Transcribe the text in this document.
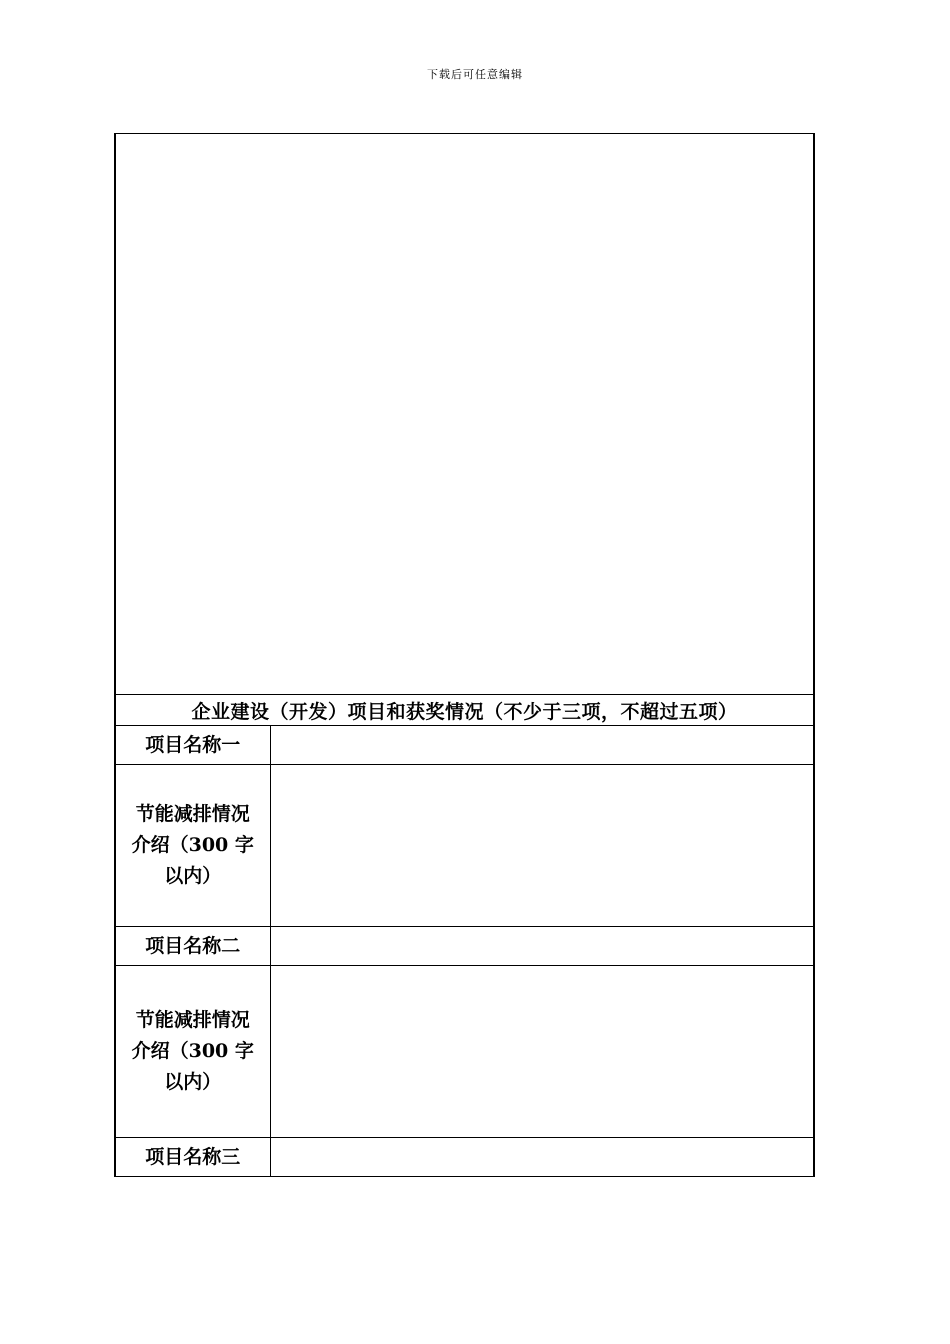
下载后可任意编辑

企业建设（开发）项目和获奖情况（不少于三项，不超过五项）	
项目名称一	

节能减排情况
介绍（300 字
以内）	

项目名称二	

节能减排情况
介绍（300 字
以内）	

项目名称三	
